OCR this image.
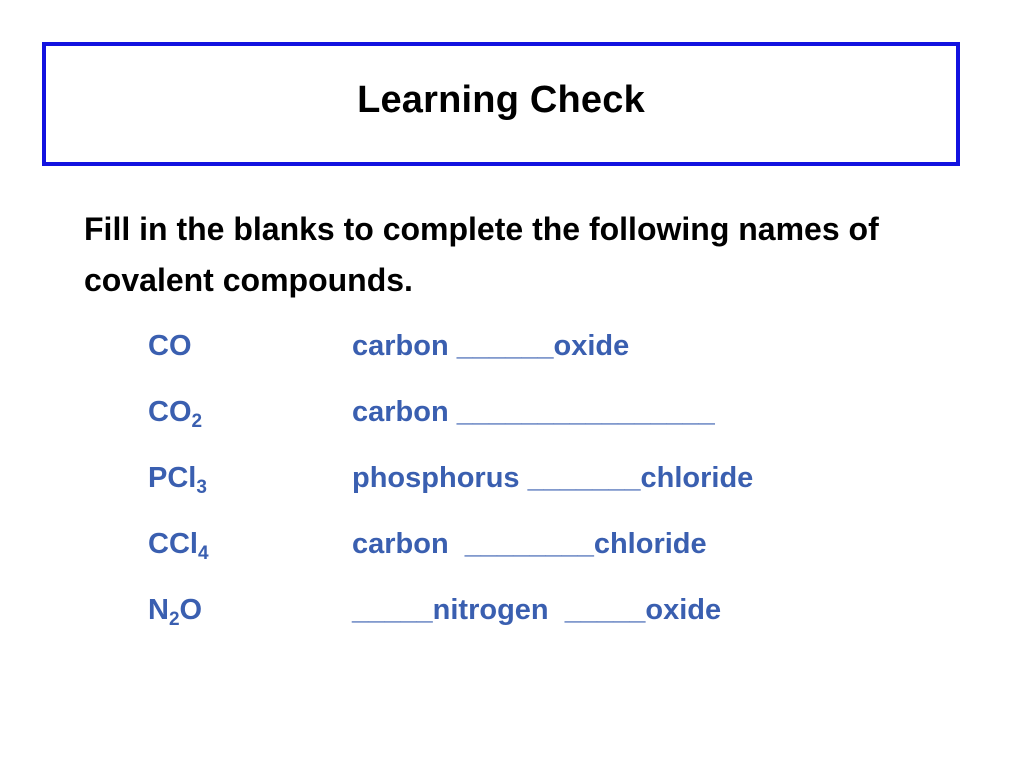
Learning Check
Fill in the blanks to complete the following names of covalent compounds.
CO	carbon ______oxide
$CO_2$	carbon ________________
PCl$_3$	phosphorus _______chloride
CCl$_4$	carbon  ________chloride
$N_2O$	_____nitrogen  _____oxide
